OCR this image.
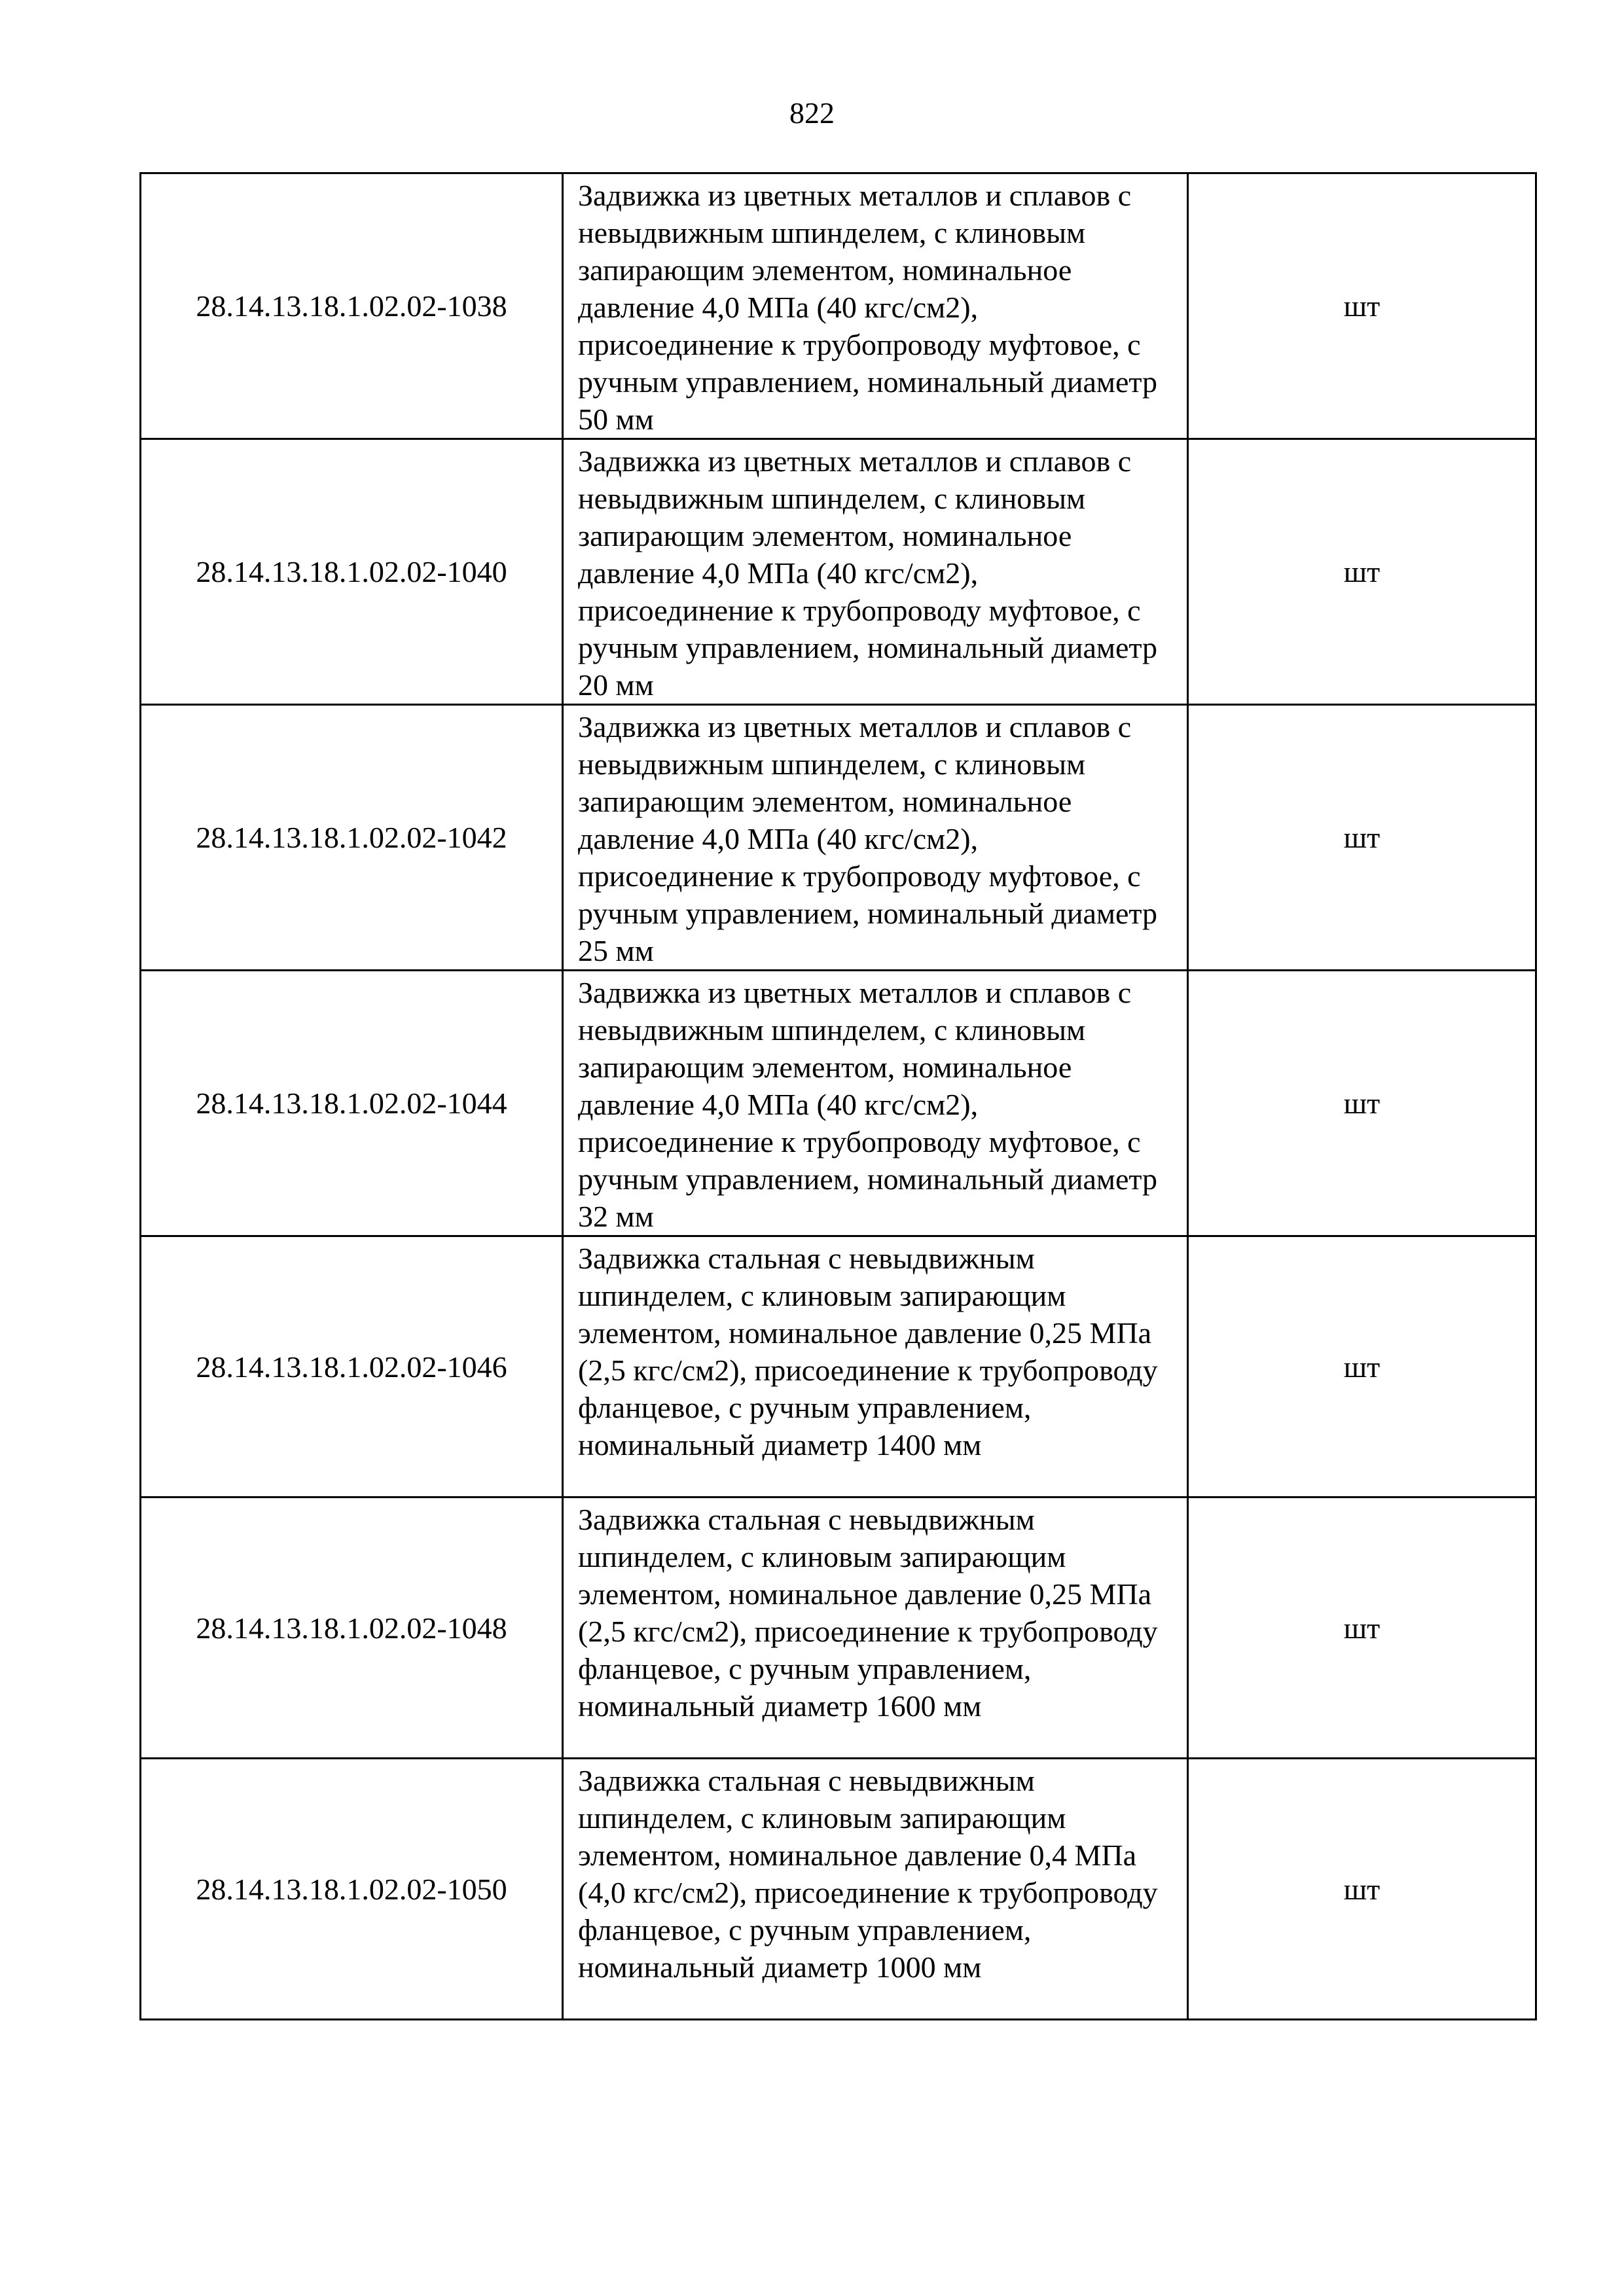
822
28.14.13.18.1.02.02-1038	Задвижка из цветных металлов и сплавов с невыдвижным шпинделем, с клиновым запирающим элементом, номинальное давление 4,0 МПа (40 кгс/см2), присоединение к трубопроводу муфтовое, с ручным управлением, номинальный диаметр 50 мм	шт
28.14.13.18.1.02.02-1040	Задвижка из цветных металлов и сплавов с невыдвижным шпинделем, с клиновым запирающим элементом, номинальное давление 4,0 МПа (40 кгс/см2), присоединение к трубопроводу муфтовое, с ручным управлением, номинальный диаметр 20 мм	шт
28.14.13.18.1.02.02-1042	Задвижка из цветных металлов и сплавов с невыдвижным шпинделем, с клиновым запирающим элементом, номинальное давление 4,0 МПа (40 кгс/см2), присоединение к трубопроводу муфтовое, с ручным управлением, номинальный диаметр 25 мм	шт
28.14.13.18.1.02.02-1044	Задвижка из цветных металлов и сплавов с невыдвижным шпинделем, с клиновым запирающим элементом, номинальное давление 4,0 МПа (40 кгс/см2), присоединение к трубопроводу муфтовое, с ручным управлением, номинальный диаметр 32 мм	шт
28.14.13.18.1.02.02-1046	Задвижка стальная с невыдвижным шпинделем, с клиновым запирающим элементом, номинальное давление 0,25 МПа (2,5 кгс/см2), присоединение к трубопроводу фланцевое, с ручным управлением, номинальный диаметр 1400 мм	шт
28.14.13.18.1.02.02-1048	Задвижка стальная с невыдвижным шпинделем, с клиновым запирающим элементом, номинальное давление 0,25 МПа (2,5 кгс/см2), присоединение к трубопроводу фланцевое, с ручным управлением, номинальный диаметр 1600 мм	шт
28.14.13.18.1.02.02-1050	Задвижка стальная с невыдвижным шпинделем, с клиновым запирающим элементом, номинальное давление 0,4 МПа (4,0 кгс/см2), присоединение к трубопроводу фланцевое, с ручным управлением, номинальный диаметр 1000 мм	шт
